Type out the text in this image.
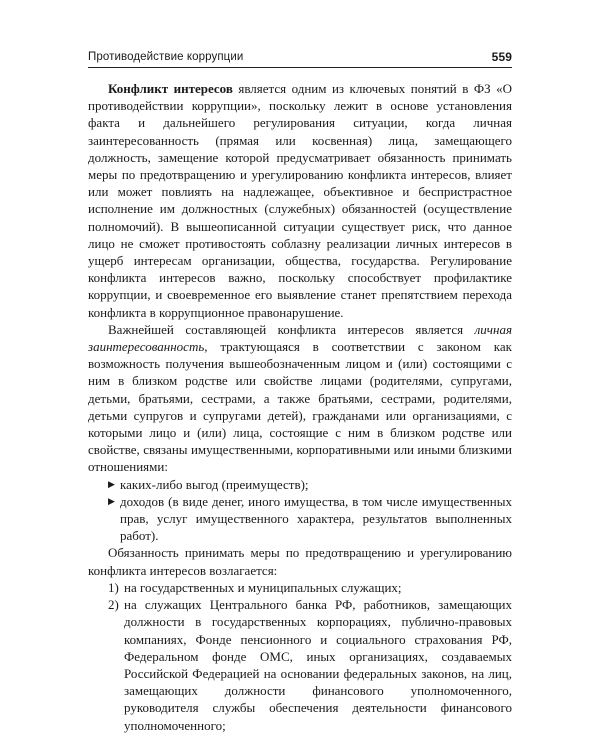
Противодействие коррупции	559

Конфликт интересов является одним из ключевых понятий в ФЗ «О противодействии коррупции», поскольку лежит в основе установления факта и дальнейшего регулирования ситуации, когда личная заинтересованность (прямая или косвенная) лица, замещающего должность, замещение которой предусматривает обязанность принимать меры по предотвращению и урегулированию конфликта интересов, влияет или может повлиять на надлежащее, объективное и беспристрастное исполнение им должностных (служебных) обязанностей (осуществление полномочий). В вышеописанной ситуации существует риск, что данное лицо не сможет противостоять соблазну реализации личных интересов в ущерб интересам организации, общества, государства. Регулирование конфликта интересов важно, поскольку способствует профилактике коррупции, и своевременное его выявление станет препятствием перехода конфликта в коррупционное правонарушение.

Важнейшей составляющей конфликта интересов является личная заинтересованность, трактующаяся в соответствии с законом как возможность получения вышеобозначенным лицом и (или) состоящими с ним в близком родстве или свойстве лицами (родителями, супругами, детьми, братьями, сестрами, а также братьями, сестрами, родителями, детьми супругов и супругами детей), гражданами или организациями, с которыми лицо и (или) лица, состоящие с ним в близком родстве или свойстве, связаны имущественными, корпоративными или иными близкими отношениями:

▶ каких-либо выгод (преимуществ);
▶ доходов (в виде денег, иного имущества, в том числе имущественных прав, услуг имущественного характера, результатов выполненных работ).

Обязанность принимать меры по предотвращению и урегулированию конфликта интересов возлагается:

1) на государственных и муниципальных служащих;
2) на служащих Центрального банка РФ, работников, замещающих должности в государственных корпорациях, публично-правовых компаниях, Фонде пенсионного и социального страхования РФ, Федеральном фонде ОМС, иных организациях, создаваемых Российской Федерацией на основании федеральных законов, на лиц, замещающих должности финансового уполномоченного, руководителя службы обеспечения деятельности финансового уполномоченного;
